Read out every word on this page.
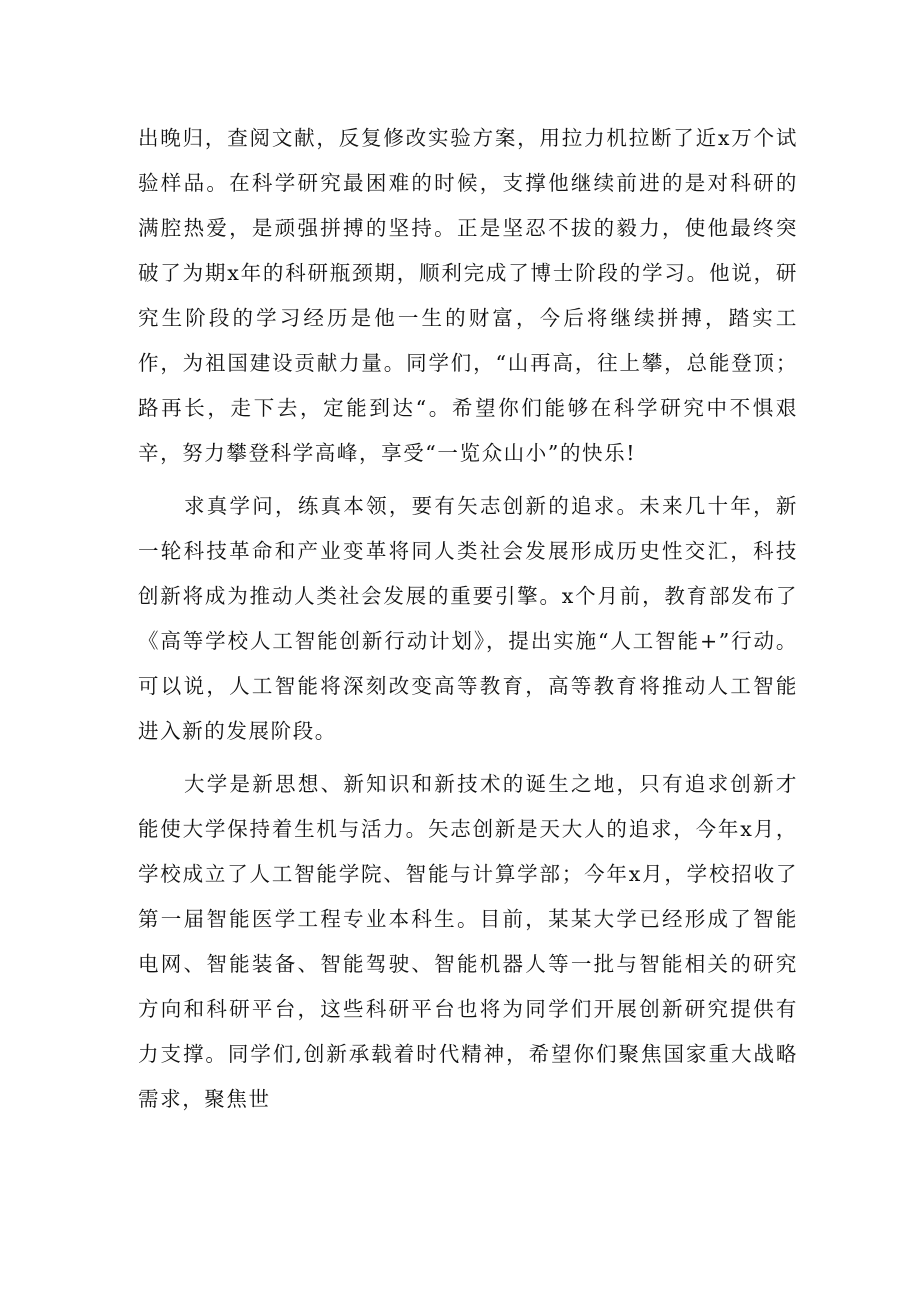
出晚归，查阅文献，反复修改实验方案，用拉力机拉断了近x万个试验样品。在科学研究最困难的时候，支撑他继续前进的是对科研的满腔热爱，是顽强拼搏的坚持。正是坚忍不拔的毅力，使他最终突破了为期x年的科研瓶颈期，顺利完成了博士阶段的学习。他说，研究生阶段的学习经历是他一生的财富，今后将继续拼搏，踏实工作，为祖国建设贡献力量。同学们，“山再高，往上攀，总能登顶；路再长，走下去，定能到达“。希望你们能够在科学研究中不惧艰辛，努力攀登科学高峰，享受“一览众山小”的快乐!

求真学问，练真本领，要有矢志创新的追求。未来几十年，新一轮科技革命和产业变革将同人类社会发展形成历史性交汇，科技创新将成为推动人类社会发展的重要引擎。x个月前，教育部发布了《高等学校人工智能创新行动计划》，提出实施“人工智能+”行动。可以说，人工智能将深刻改变高等教育，高等教育将推动人工智能进入新的发展阶段。

大学是新思想、新知识和新技术的诞生之地，只有追求创新才能使大学保持着生机与活力。矢志创新是天大人的追求，今年x月，学校成立了人工智能学院、智能与计算学部；今年x月，学校招收了第一届智能医学工程专业本科生。目前，某某大学已经形成了智能电网、智能装备、智能驾驶、智能机器人等一批与智能相关的研究方向和科研平台，这些科研平台也将为同学们开展创新研究提供有力支撑。同学们,创新承载着时代精神，希望你们聚焦国家重大战略需求，聚焦世
